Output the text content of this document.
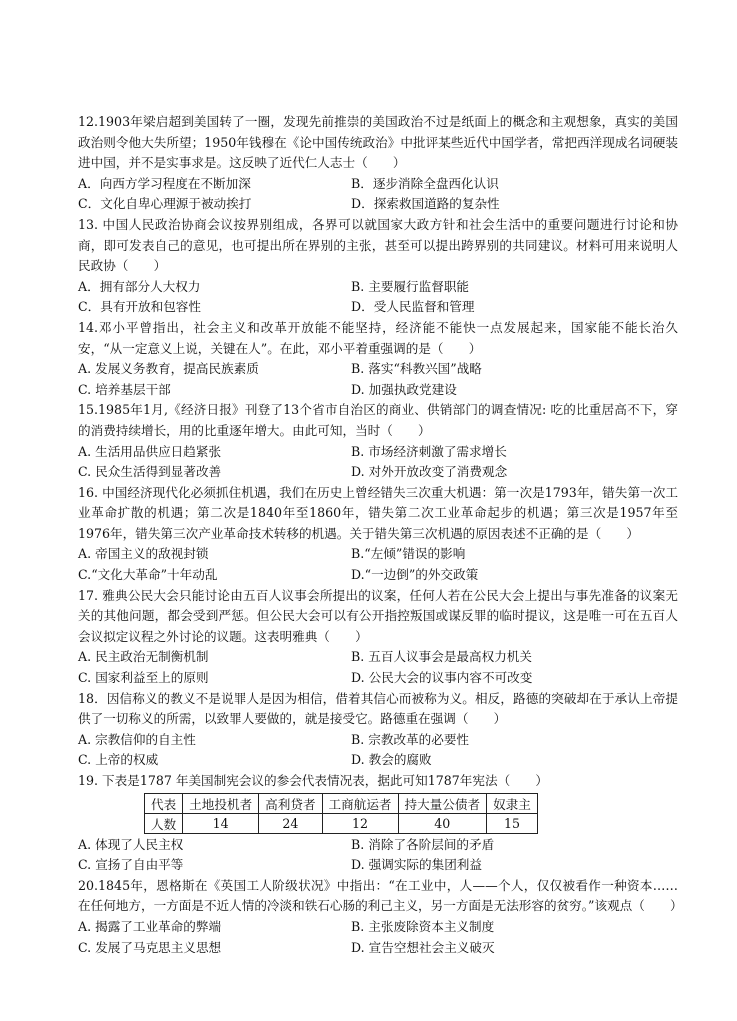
12.1903年梁启超到美国转了一圈，发现先前推崇的美国政治不过是纸面上的概念和主观想象，真实的美国政治则令他大失所望；1950年钱穆在《论中国传统政治》中批评某些近代中国学者，常把西洋现成名词硬装进中国，并不是实事求是。这反映了近代仁人志士（　　）

A．向西方学习程度在不断加深	B．逐步消除全盘西化认识
C．文化自卑心理源于被动挨打	D．探索救国道路的复杂性

13. 中国人民政治协商会议按界别组成，各界可以就国家大政方针和社会生活中的重要问题进行讨论和协商，即可发表自己的意见，也可提出所在界别的主张，甚至可以提出跨界别的共同建议。材料可用来说明人民政协（　　）

A．拥有部分人大权力	B. 主要履行监督职能
C．具有开放和包容性	D．受人民监督和管理

14.邓小平曾指出，社会主义和改革开放能不能坚持，经济能不能快一点发展起来，国家能不能长治久安，“从一定意义上说，关键在人”。在此，邓小平着重强调的是（　　）

A. 发展义务教育，提高民族素质	B. 落实“科教兴国”战略
C. 培养基层干部	D. 加强执政党建设

15.1985年1月,《经济日报》刊登了13个省市自治区的商业、供销部门的调查情况: 吃的比重居高不下，穿的消费持续增长，用的比重逐年增大。由此可知，当时（　　）

A. 生活用品供应日趋紧张	B. 市场经济刺激了需求增长
C. 民众生活得到显著改善	D. 对外开放改变了消费观念

16. 中国经济现代化必须抓住机遇，我们在历史上曾经错失三次重大机遇：第一次是1793年，错失第一次工业革命扩散的机遇；第二次是1840年至1860年，错失第二次工业革命起步的机遇；第三次是1957年至1976年，错失第三次产业革命技术转移的机遇。关于错失第三次机遇的原因表述不正确的是（　　）

A. 帝国主义的敌视封锁	B.“左倾”错误的影响
C.“文化大革命”十年动乱	D.“一边倒”的外交政策

17. 雅典公民大会只能讨论由五百人议事会所提出的议案，任何人若在公民大会上提出与事先准备的议案无关的其他问题，都会受到严惩。但公民大会可以有公开指控叛国或谋反罪的临时提议，这是唯一可在五百人会议拟定议程之外讨论的议题。这表明雅典（　　）

A. 民主政治无制衡机制	B. 五百人议事会是最高权力机关
C. 国家利益至上的原则	D. 公民大会的议事内容不可改变

18．因信称义的教义不是说罪人是因为相信，借着其信心而被称为义。相反，路德的突破却在于承认上帝提供了一切称义的所需，以致罪人要做的，就是接受它。路德重在强调（　　）

A. 宗教信仰的自主性	B. 宗教改革的必要性
C. 上帝的权威	D. 教会的腐败

19. 下表是1787 年美国制宪会议的参会代表情况表，据此可知1787年宪法（　　）

代表	土地投机者	高利贷者	工商航运者	持大量公债者	奴隶主
人数	14	24	12	40	15
A. 体现了人民主权	B. 消除了各阶层间的矛盾
C. 宣扬了自由平等	D. 强调实际的集团利益

20.1845年，恩格斯在《英国工人阶级状况》中指出：“在工业中，人——个人，仅仅被看作一种资本……在任何地方，一方面是不近人情的冷淡和铁石心肠的利己主义，另一方面是无法形容的贫穷。”该观点（　　）

A. 揭露了工业革命的弊端	B. 主张废除资本主义制度
C. 发展了马克思主义思想	D. 宣告空想社会主义破灭
